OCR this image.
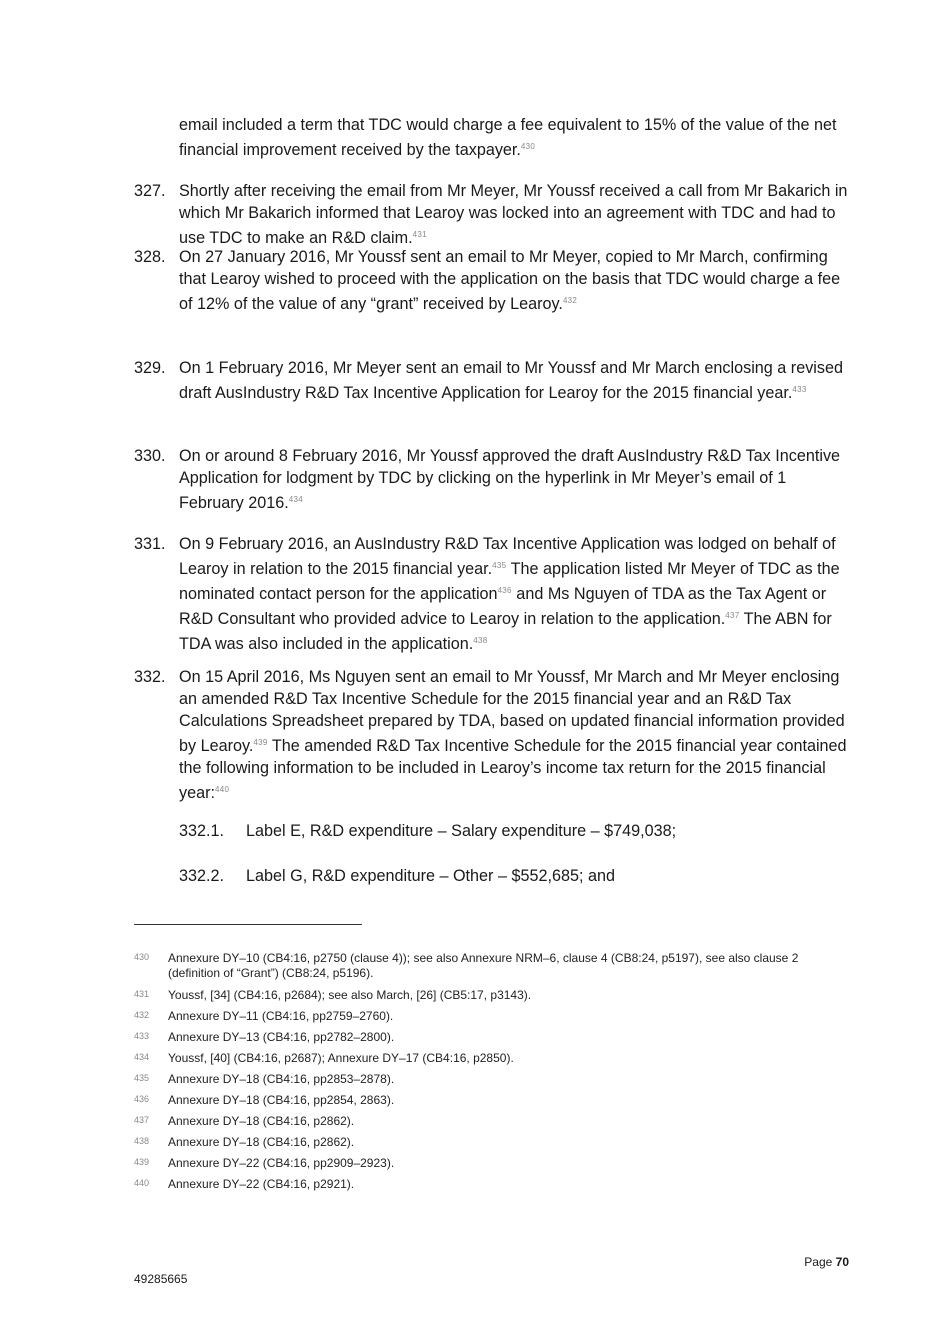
email included a term that TDC would charge a fee equivalent to 15% of the value of the net financial improvement received by the taxpayer.$^{430}$
327. Shortly after receiving the email from Mr Meyer, Mr Youssf received a call from Mr Bakarich in which Mr Bakarich informed that Learoy was locked into an agreement with TDC and had to use TDC to make an R&D claim.$^{431}$
328. On 27 January 2016, Mr Youssf sent an email to Mr Meyer, copied to Mr March, confirming that Learoy wished to proceed with the application on the basis that TDC would charge a fee of 12% of the value of any “grant” received by Learoy.$^{432}$
329. On 1 February 2016, Mr Meyer sent an email to Mr Youssf and Mr March enclosing a revised draft AusIndustry R&D Tax Incentive Application for Learoy for the 2015 financial year.$^{433}$
330. On or around 8 February 2016, Mr Youssf approved the draft AusIndustry R&D Tax Incentive Application for lodgment by TDC by clicking on the hyperlink in Mr Meyer’s email of 1 February 2016.$^{434}$
331. On 9 February 2016, an AusIndustry R&D Tax Incentive Application was lodged on behalf of Learoy in relation to the 2015 financial year.$^{435}$ The application listed Mr Meyer of TDC as the nominated contact person for the application$^{436}$ and Ms Nguyen of TDA as the Tax Agent or R&D Consultant who provided advice to Learoy in relation to the application.$^{437}$ The ABN for TDA was also included in the application.$^{438}$
332. On 15 April 2016, Ms Nguyen sent an email to Mr Youssf, Mr March and Mr Meyer enclosing an amended R&D Tax Incentive Schedule for the 2015 financial year and an R&D Tax Calculations Spreadsheet prepared by TDA, based on updated financial information provided by Learoy.$^{439}$ The amended R&D Tax Incentive Schedule for the 2015 financial year contained the following information to be included in Learoy’s income tax return for the 2015 financial year:$^{440}$
332.1. Label E, R&D expenditure – Salary expenditure – $749,038;
332.2. Label G, R&D expenditure – Other – $552,685; and
430 Annexure DY–10 (CB4:16, p2750 (clause 4)); see also Annexure NRM–6, clause 4 (CB8:24, p5197), see also clause 2 (definition of “Grant”) (CB8:24, p5196).
431 Youssf, [34] (CB4:16, p2684); see also March, [26] (CB5:17, p3143).
432 Annexure DY–11 (CB4:16, pp2759–2760).
433 Annexure DY–13 (CB4:16, pp2782–2800).
434 Youssf, [40] (CB4:16, p2687); Annexure DY–17 (CB4:16, p2850).
435 Annexure DY–18 (CB4:16, pp2853–2878).
436 Annexure DY–18 (CB4:16, pp2854, 2863).
437 Annexure DY–18 (CB4:16, p2862).
438 Annexure DY–18 (CB4:16, p2862).
439 Annexure DY–22 (CB4:16, pp2909–2923).
440 Annexure DY–22 (CB4:16, p2921).
Page 70
49285665
